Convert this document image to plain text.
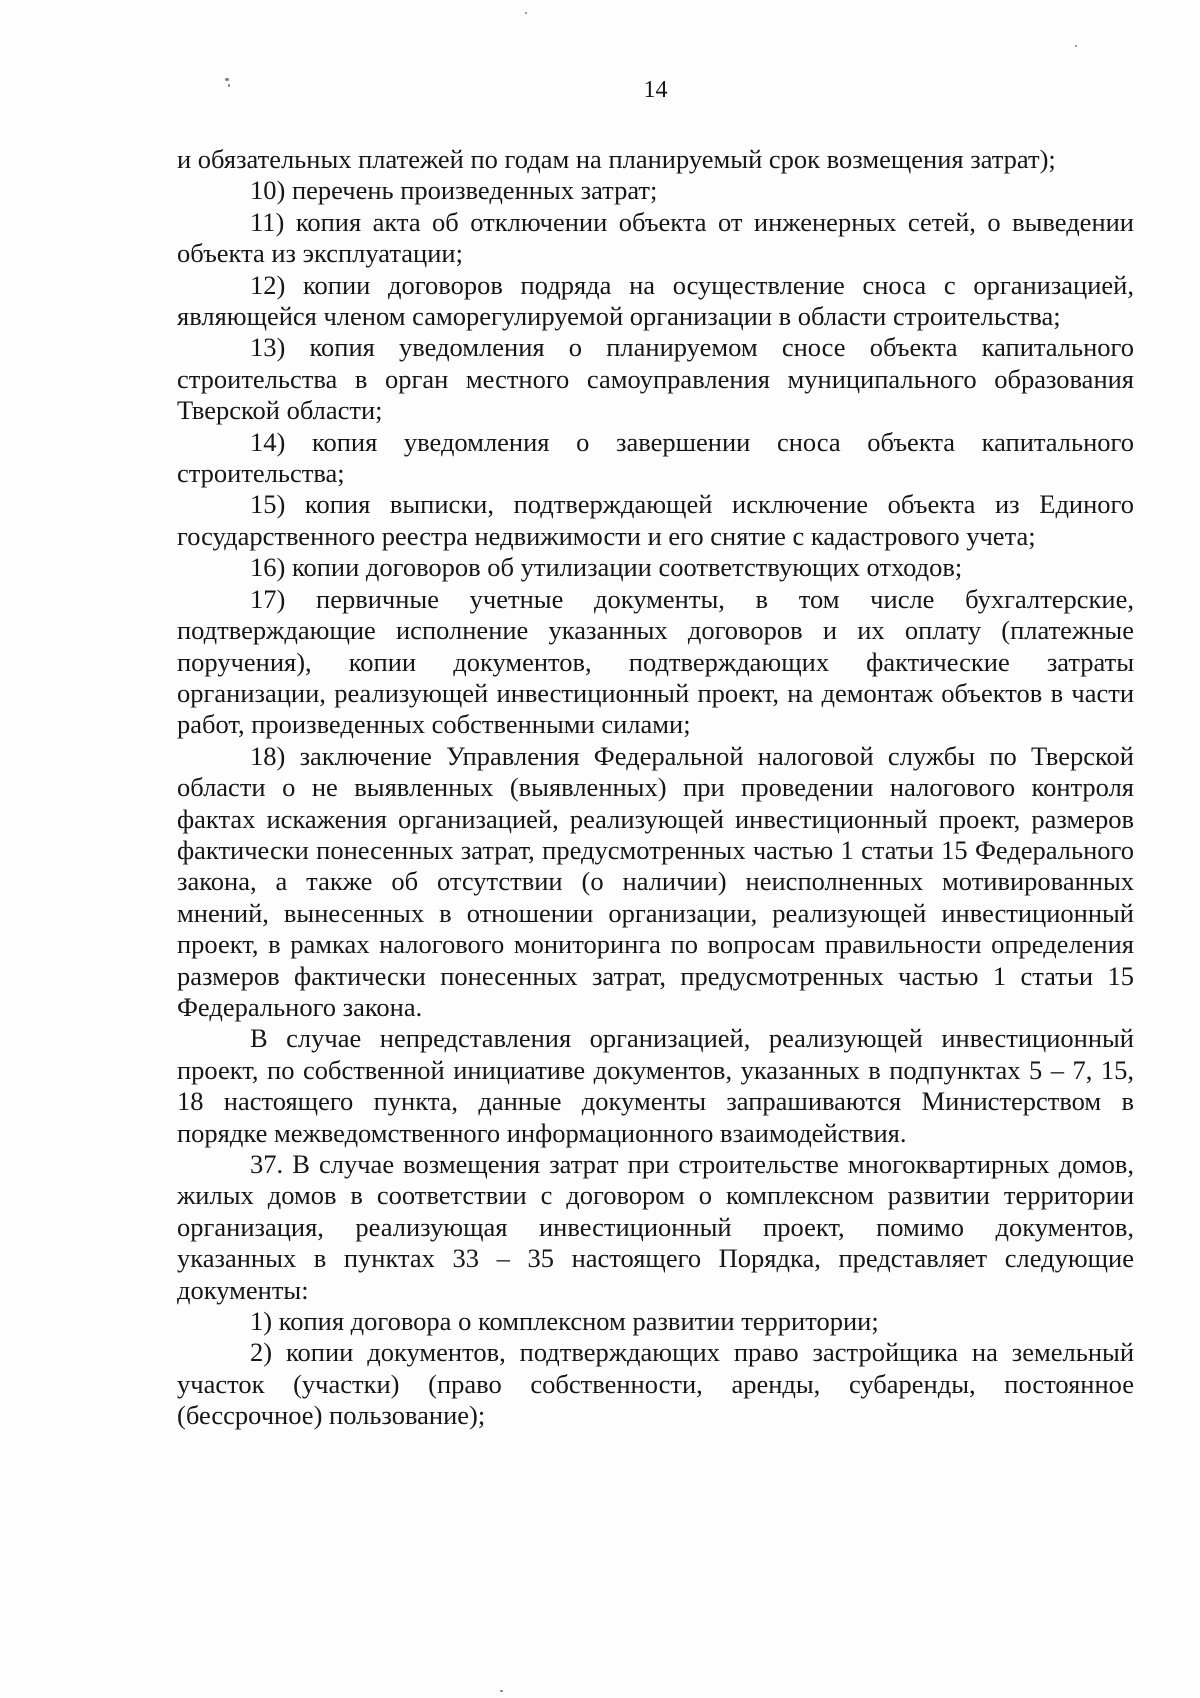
14

и обязательных платежей по годам на планируемый срок возмещения затрат);

10) перечень произведенных затрат;

11) копия акта об отключении объекта от инженерных сетей, о выведении объекта из эксплуатации;

12) копии договоров подряда на осуществление сноса с организацией, являющейся членом саморегулируемой организации в области строительства;

13) копия уведомления о планируемом сносе объекта капитального строительства в орган местного самоуправления муниципального образования Тверской области;

14) копия уведомления о завершении сноса объекта капитального строительства;

15) копия выписки, подтверждающей исключение объекта из Единого государственного реестра недвижимости и его снятие с кадастрового учета;

16) копии договоров об утилизации соответствующих отходов;

17) первичные учетные документы, в том числе бухгалтерские, подтверждающие исполнение указанных договоров и их оплату (платежные поручения), копии документов, подтверждающих фактические затраты организации, реализующей инвестиционный проект, на демонтаж объектов в части работ, произведенных собственными силами;

18) заключение Управления Федеральной налоговой службы по Тверской области о не выявленных (выявленных) при проведении налогового контроля фактах искажения организацией, реализующей инвестиционный проект, размеров фактически понесенных затрат, предусмотренных частью 1 статьи 15 Федерального закона, а также об отсутствии (о наличии) неисполненных мотивированных мнений, вынесенных в отношении организации, реализующей инвестиционный проект, в рамках налогового мониторинга по вопросам правильности определения размеров фактически понесенных затрат, предусмотренных частью 1 статьи 15 Федерального закона.

В случае непредставления организацией, реализующей инвестиционный проект, по собственной инициативе документов, указанных в подпунктах 5 – 7, 15, 18 настоящего пункта, данные документы запрашиваются Министерством в порядке межведомственного информационного взаимодействия.

37. В случае возмещения затрат при строительстве многоквартирных домов, жилых домов в соответствии с договором о комплексном развитии территории организация, реализующая инвестиционный проект, помимо документов, указанных в пунктах 33 – 35 настоящего Порядка, представляет следующие документы:

1) копия договора о комплексном развитии территории;

2) копии документов, подтверждающих право застройщика на земельный участок (участки) (право собственности, аренды, субаренды, постоянное (бессрочное) пользование);
